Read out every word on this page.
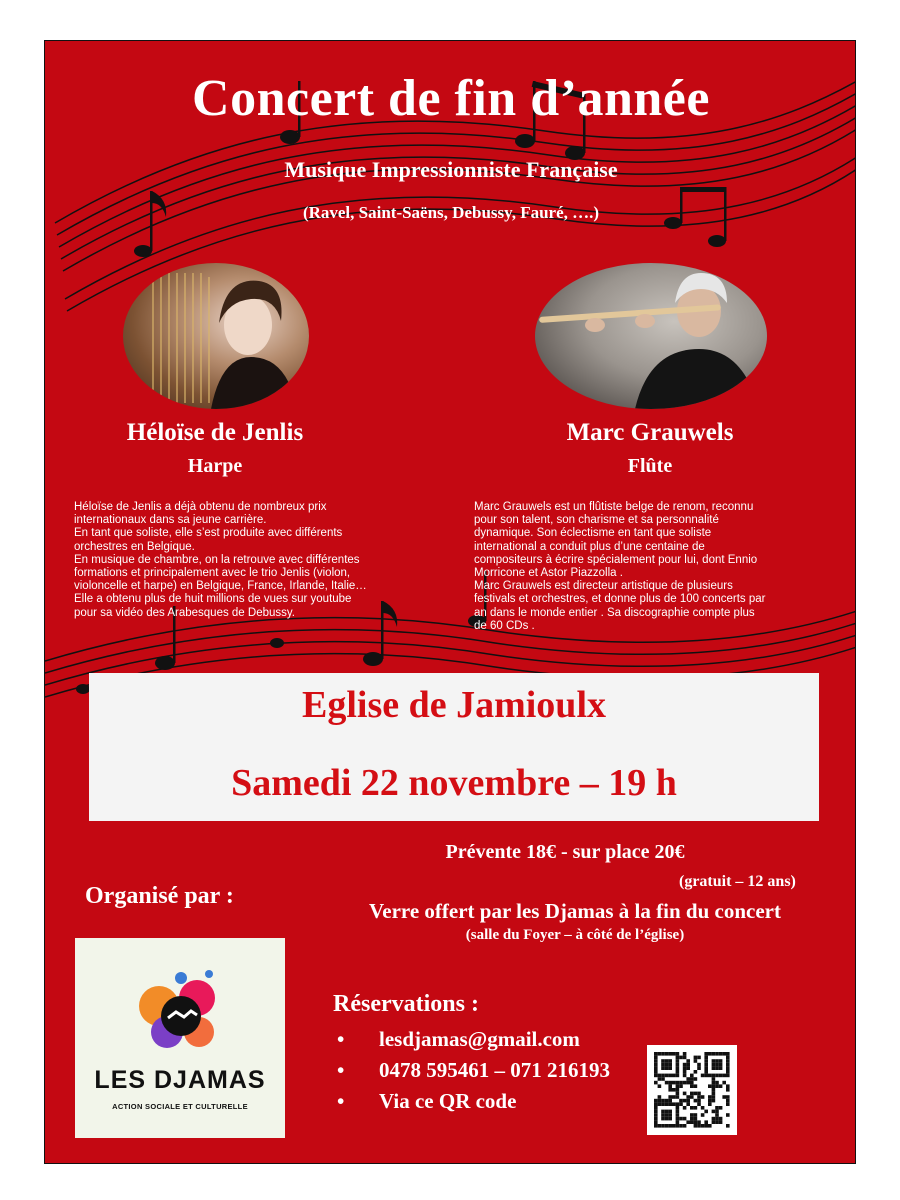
Concert de fin d’année
Musique Impressionniste Française
(Ravel, Saint-Saëns, Debussy, Fauré, ….)
Héloïse de Jenlis
Harpe
Marc Grauwels
Flûte
Héloïse de Jenlis a déjà obtenu de nombreux prix
internationaux dans sa jeune carrière.
En tant que soliste, elle s’est produite avec différents
orchestres en Belgique.
En musique de chambre, on la retrouve avec différentes
formations et principalement avec le trio Jenlis (violon,
violoncelle et harpe) en Belgique, France, Irlande, Italie…
Elle a obtenu plus de huit millions de vues sur youtube
pour sa vidéo des Arabesques de Debussy.
Marc Grauwels est un flûtiste belge de renom, reconnu
pour son talent, son charisme et sa personnalité
dynamique. Son éclectisme en tant que soliste
international a conduit plus d’une centaine de
compositeurs à écrire spécialement pour lui, dont Ennio
Morricone et Astor Piazzolla .
Marc Grauwels est directeur artistique de plusieurs
festivals et orchestres, et donne plus de 100 concerts par
an dans le monde entier . Sa discographie compte plus
de 60 CDs .
Eglise de Jamioulx
Samedi 22 novembre – 19 h
Prévente 18€ - sur place 20€
(gratuit – 12 ans)
Organisé par :
Verre offert par les Djamas à la fin du concert
(salle du Foyer – à côté de l’église)
LES DJAMAS
ACTION SOCIALE ET CULTURELLE
Réservations :
• lesdjamas@gmail.com
• 0478 595461 – 071 216193
• Via ce QR code
